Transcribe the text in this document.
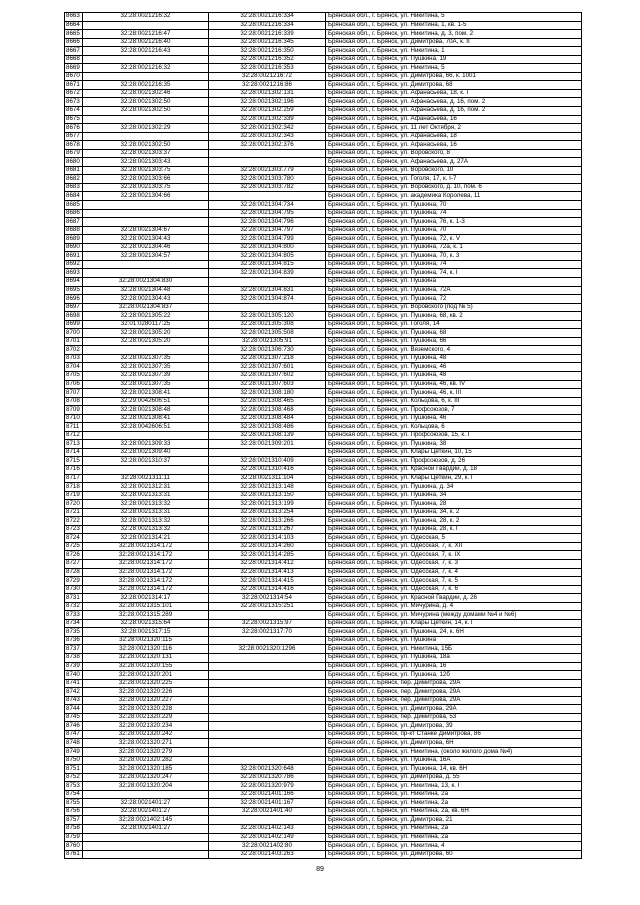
8663	32:28:0021216:32	32:28:0021216:334	Брянская обл., г. Брянск, ул. Никитина, 5
8664		32:28:0021216:334	Брянская обл., г. Брянск, ул. Никитина, 1, кв. 1-5
8665	32:28:0021216:47	32:28:0021216:339	Брянская обл., г. Брянск, ул. Никитина, д. 3, пом. 2
8666	32:28:0021216:40	32:28:0021216:345	Брянская обл., г. Брянск, ул. Димитрова, 70А, к. II
8667	32:28:0021216:43	32:28:0021216:350	Брянская обл., г. Брянск, ул. Никитина, 1
8668		32:28:0021216:352	Брянская обл., г. Брянск, ул. Пушкина, 19
8669	32:28:0021216:32	32:28:0021216:353	Брянская обл., г. Брянск, ул. Никитина, 5
8670		32:28:0021216:72	Брянская обл., г. Брянск, ул. Димитрова, 66, к. 1001
8671	32:28:0021216:35	32:28:0021216:86	Брянская обл., г. Брянск, ул. Димитрова, 68
8672	32:28:0021302:46	32:28:0021302:131	Брянская обл., г. Брянск, ул. Афанасьева, 18, к. I
8673	32:28:0021302:50	32:28:0021302:196	Брянская обл., г. Брянск, ул. Афанасьева, д. 16, пом. 2
8674	32:28:0021302:50	32:28:0021302:259	Брянская обл., г. Брянск, ул. Афанасьева, д. 16, пом. 2
8675		32:28:0021302:339	Брянская обл., г. Брянск, ул. Афанасьева, 16
8676	32:28:0021302:29	32:28:0021302:342	Брянская обл., г. Брянск, ул. 11 лет Октября, 2
8677		32:28:0021302:343	Брянская обл., г. Брянск, ул. Афанасьева, 18
8678	32:28:0021302:50	32:28:0021302:376	Брянская обл., г. Брянск, ул. Афанасьева, 16
8679	32:28:0021303:37		Брянская обл., г. Брянск, ул. Воровского, 8
8680	32:28:0021303:43		Брянская обл., г. Брянск, ул. Афанасьева, д. 27А
8681	32:28:0021303:75	32:28:0021303:779	Брянская обл., г. Брянск, ул. Воровского, 10
8682	32:28:0021303:66	32:28:0021303:780	Брянская обл., г. Брянск, ул. Гоголя, 17, к. I-7
8683	32:28:0021303:75	32:28:0021303:782	Брянская обл., г. Брянск, ул. Воровского, д. 10, пом. 6
8684	32:28:0021304:66		Брянская обл., г. Брянск, ул. академика Королева, 11
8685		32:28:0021304:734	Брянская обл., г. Брянск, ул. Пушкина, 70
8686		32:28:0021304:795	Брянская обл., г. Брянск, ул. Пушкина, 74
8687		32:28:0021304:796	Брянская обл., г. Брянск, ул. Пушкина, 76, к. 1-3
8688	32:28:0021304:67	32:28:0021304:797	Брянская обл., г. Брянск, ул. Пушкина, 70
8689	32:28:0021304:43	32:28:0021304:799	Брянская обл., г. Брянск, ул. Пушкина, 72, к. V
8690	32:28:0021304:46	32:28:0021304:800	Брянская обл., г. Брянск, ул. Пушкина, 72а, к. 1
8691	32:28:0021304:57	32:28:0021304:805	Брянская обл., г. Брянск, ул. Пушкина, 70, к. 3
8692		32:28:0021304:815	Брянская обл., г. Брянск, ул. Пушкина, 74
8693		32:28:0021304:839	Брянская обл., г. Брянск, ул. Пушкина, 74, к. I
8694	32:28:0021304:830		Брянская обл., г. Брянск, ул. Пушкина
8695	32:28:0021304:48	32:28:0021304:831	Брянская обл., г. Брянск, ул. Пушкина, 72А
8696	32:28:0021304:43	32:28:0021304:874	Брянская обл., г. Брянск, ул. Пушкина, 72
8697	32:28:0021304:837		Брянская обл., г. Брянск, ул. Воровского (под № 5)
8698	32:28:0021305:22	32:28:0021305:120	Брянская обл., г. Брянск, ул. Пушкина, 68, кв. 2
8699	32:01:0280117:25	32:28:0021305:308	Брянская обл., г. Брянск, ул. Гоголя, 14
8700	32:28:0021305:20	32:28:0021305:508	Брянская обл., г. Брянск, ул. Пушкина, 68
8701	32:28:0021305:20	32:28:0021305:91	Брянская обл., г. Брянск, ул. Пушкина, 66
8702		32:28:0021306:730	Брянская обл., г. Брянск, ул. Вяземского, 4
8703	32:28:0021307:35	32:28:0021307:218	Брянская обл., г. Брянск, ул. Пушкина, 48
8704	32:28:0021307:35	32:28:0021307:601	Брянская обл., г. Брянск, ул. Пушкина, 46
8705	32:28:0021307:39	32:28:0021307:602	Брянская обл., г. Брянск, ул. Пушкина, 48
8706	32:28:0021307:35	32:28:0021307:603	Брянская обл., г. Брянск, ул. Пушкина, 46, кв. IV
8707	32:28:0021308:41	32:28:0021308:180	Брянская обл., г. Брянск, ул. Пушкина, 46, к. III
8708	32:29:0042606:51	32:28:0021308:465	Брянская обл., г. Брянск, ул. Кольцова, 6, к. III
8709	32:28:0021308:48	32:28:0021308:468	Брянская обл., г. Брянск, ул. Профсоюзов, 7
8710	32:28:0021308:41	32:28:0021308:484	Брянская обл., г. Брянск, ул. Пушкина, 46
8711	32:28:0042606:51	32:28:0021308:486	Брянская обл., г. Брянск, ул. Кольцова, 6
8712		32:28:0021308:139	Брянская обл., г. Брянск, ул. Профсоюзов, 15, к. I
8713	32:28:0021309:33	32:28:0021309:201	Брянская обл., г. Брянск, ул. Пушкина, 38
8714	32:28:0021309:40		Брянская обл., г. Брянск, ул. Клары Цеткин, 10, 15
8715	32:28:0021310:37	32:28:0021310:409	Брянская обл., г. Брянск, ул. Профсоюзов, д. 26
8716		32:28:0021310:416	Брянская обл., г. Брянск, ул. Красной Гвардии, д. 18
8717	32:28:0021311:11	32:28:0021311:104	Брянская обл., г. Брянск, ул. Клары Цеткин, 29, к. I
8718	32:28:0021312:31	32:28:0021313:148	Брянская обл., г. Брянск, ул. Пушкина, д. 34
8719	32:28:0021313:31	32:28:0021313:150	Брянская обл., г. Брянск, ул. Пушкина, 34
8720	32:28:0021313:32	32:28:0021313:199	Брянская обл., г. Брянск, ул. Пушкина, 28
8721	32:28:0021313:31	32:28:0021313:254	Брянская обл., г. Брянск, ул. Пушкина, 34, к. 2
8722	32:28:0021313:32	32:28:0021313:266	Брянская обл., г. Брянск, ул. Пушкина, 28, к. 2
8723	32:28:0021313:32	32:28:0021313:267	Брянская обл., г. Брянск, ул. Пушкина, 28, к. I
8724	32:28:0021314:21	32:28:0021314:103	Брянская обл., г. Брянск, ул. Одесская, 5
8725	32:28:0021314:172	32:28:0021314:260	Брянская обл., г. Брянск, ул. Одесская, 7, к. XII
8726	32:28:0021314:172	32:28:0021314:285	Брянская обл., г. Брянск, ул. Одесская, 7, к. IX
8727	32:28:0021314:172	32:28:0021314:412	Брянская обл., г. Брянск, ул. Одесская, 7, к. 3
8728	32:28:0021314:172	32:28:0021314:413	Брянская обл., г. Брянск, ул. Одесская, 7, к. 4
8729	32:28:0021314:172	32:28:0021314:415	Брянская обл., г. Брянск, ул. Одесская, 7, к. 5
8730	32:28:0021314:172	32:28:0021314:416	Брянская обл., г. Брянск, ул. Одесская, 7, к. 6
8731	32:28:0021314:17	32:28:0021314:54	Брянская обл., г. Брянск, ул. Красной Гвардии, д. 26
8732	32:28:0021315:101	32:28:0021315:251	Брянская обл., г. Брянск, ул. Мичурина, д. 4
8733	32:28:0021315:289		Брянская обл., г. Брянск, ул. Мичурина (между домами №4 и №6)
8734	32:28:0021315:64	32:28:0021315:97	Брянская обл., г. Брянск, ул. Клары Цеткин, 14, к. I
8735	32:28:0021317:15	32:28:0021317:70	Брянская обл., г. Брянск, ул. Пушкина, 24, к. 6Н
8736	32:28:0021320:115		Брянская обл., г. Брянск, ул. Пушкина
8737	32:28:0021320:116	32:28:0021320:1296	Брянская обл., г. Брянск, ул. Никитина, 15Б
8738	32:28:0021320:131		Брянская обл., г. Брянск, ул. Пушкина, 18а
8739	32:28:0021320:155		Брянская обл., г. Брянск, ул. Пушкина, 16
8740	32:28:0021320:201		Брянская обл., г. Брянск, ул. Пушкина, 12б
8741	32:28:0021320:225		Брянская обл., г. Брянск, пер. Димитрова, 29А
8742	32:28:0021320:226		Брянская обл., г. Брянск, пер. Димитрова, 29А
8743	32:28:0021320:227		Брянская обл., г. Брянск, пер. Димитрова, 29А
8744	32:28:0021320:228		Брянская обл., г. Брянск, ул. Димитрова, 29А
8745	32:28:0021320:229		Брянская обл., г. Брянск, пер. Димитрова, 53
8746	32:28:0021320:234		Брянская обл., г. Брянск, ул. Димитрова, 39
8747	32:28:0021320:242		Брянская обл., г. Брянск, пр-кт Станке Димитрова, 86
8748	32:28:0021320:271		Брянская обл., г. Брянск, ул. Димитрова, 6Н
8749	32:28:0021320:279		Брянская обл., г. Брянск, ул. Никитина, (около жилого дома №4)
8750	32:28:0021320:282		Брянская обл., г. Брянск, ул. Пушкина, 16А
8751	32:28:0021320:185	32:28:0021320:648	Брянская обл., г. Брянск, ул. Пушкина, 14, кв. 6Н
8752	32:28:0021320:247	32:28:0021320:786	Брянская обл., г. Брянск, ул. Димитрова, д. 55
8753	32:28:0021320:204	32:28:0021320:979	Брянская обл., г. Брянск, ул. Никитина, 13, к. I
8754		32:28:0021401:166	Брянская обл., г. Брянск, ул. Никитина, 2а
8755	32:28:0021401:27	32:28:0021401:167	Брянская обл., г. Брянск, ул. Никитина, 2а
8756	32:28:0021401:27	32:28:0021401:40	Брянская обл., г. Брянск, ул. Никитина, 2а, кв. 6Н
8757	32:28:0021402:145		Брянская обл., г. Брянск, ул. Димитрова, 21
8758	32:28:0021401:27	32:28:0021402:143	Брянская обл., г. Брянск, ул. Никитина, 2а
8759		32:28:0021402:149	Брянская обл., г. Брянск, ул. Никитина, 2а
8760		32:28:0021402:80	Брянская обл., г. Брянск, ул. Никитина, 4
8761		32:28:0021403:263	Брянская обл., г. Брянск, ул. Димитрова, 60
89
